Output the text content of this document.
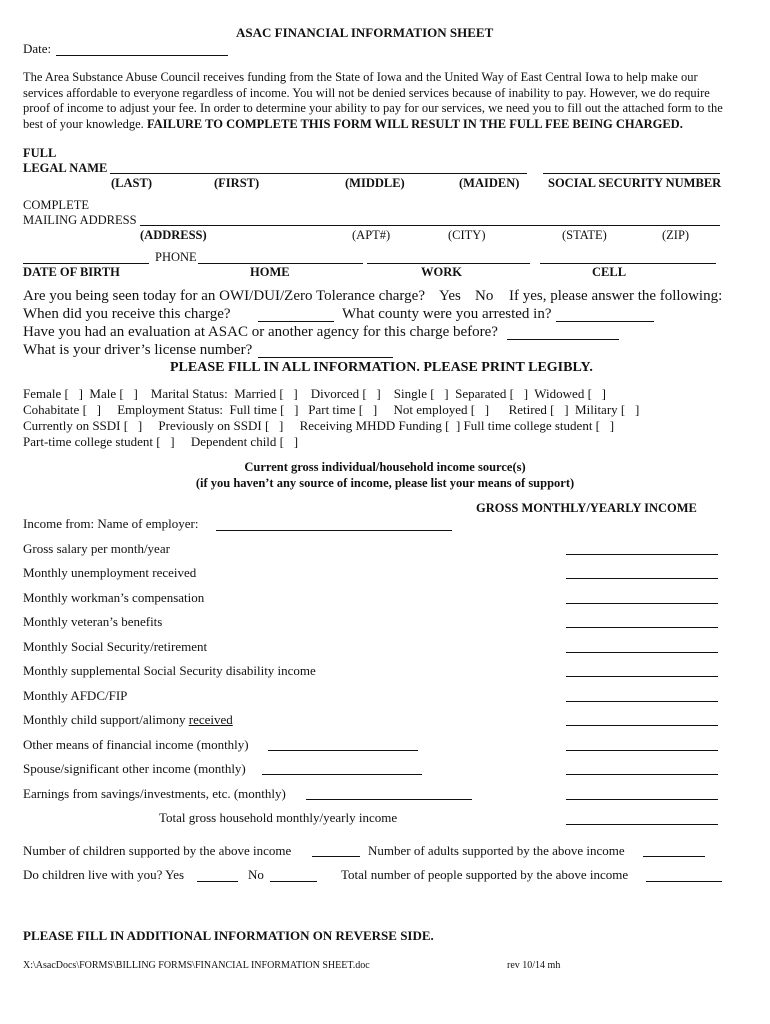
ASAC FINANCIAL INFORMATION SHEET
Date:
The Area Substance Abuse Council receives funding from the State of Iowa and the United Way of East Central Iowa to help make our services affordable to everyone regardless of income. You will not be denied services because of inability to pay. However, we do require proof of income to adjust your fee. In order to determine your ability to pay for our services, we need you to fill out the attached form to the best of your knowledge. FAILURE TO COMPLETE THIS FORM WILL RESULT IN THE FULL FEE BEING CHARGED.
FULL
LEGAL NAME
(LAST)	(FIRST)	(MIDDLE)	(MAIDEN) SOCIAL SECURITY NUMBER
COMPLETE
MAILING ADDRESS
(ADDRESS)	(APT#)	(CITY)	(STATE)	(ZIP)
PHONE
DATE OF BIRTH	HOME	WORK	CELL
Are you being seen today for an OWI/DUI/Zero Tolerance charge? Yes No If yes, please answer the following:
When did you receive this charge?	What county were you arrested in?
Have you had an evaluation at ASAC or another agency for this charge before?
What is your driver’s license number?
PLEASE FILL IN ALL INFORMATION. PLEASE PRINT LEGIBLY.
Female [   ]  Male [   ]    Marital Status:  Married [   ]    Divorced [   ]    Single [   ]  Separated [   ]  Widowed [   ]
Cohabitate [   ]     Employment Status:  Full time [   ]   Part time [   ]     Not employed [   ]      Retired [   ]  Military [   ]
Currently on SSDI [   ]     Previously on SSDI [   ]     Receiving MHDD Funding [  ] Full time college student [   ]
Part-time college student [   ]     Dependent child [   ]
Current gross individual/household income source(s)
(if you haven’t any source of income, please list your means of support)
GROSS MONTHLY/YEARLY INCOME
Income from: Name of employer:
Gross salary per month/year
Monthly unemployment received
Monthly workman’s compensation
Monthly veteran’s benefits
Monthly Social Security/retirement
Monthly supplemental Social Security disability income
Monthly AFDC/FIP
Monthly child support/alimony received
Other means of financial income (monthly)
Spouse/significant other income (monthly)
Earnings from savings/investments, etc. (monthly)
Total gross household monthly/yearly income
Number of children supported by the above income	Number of adults supported by the above income
Do children live with you? Yes	No	Total number of people supported by the above income
PLEASE FILL IN ADDITIONAL INFORMATION ON REVERSE SIDE.
X:\AsacDocs\FORMS\BILLING FORMS\FINANCIAL INFORMATION SHEET.doc	rev 10/14 mh
